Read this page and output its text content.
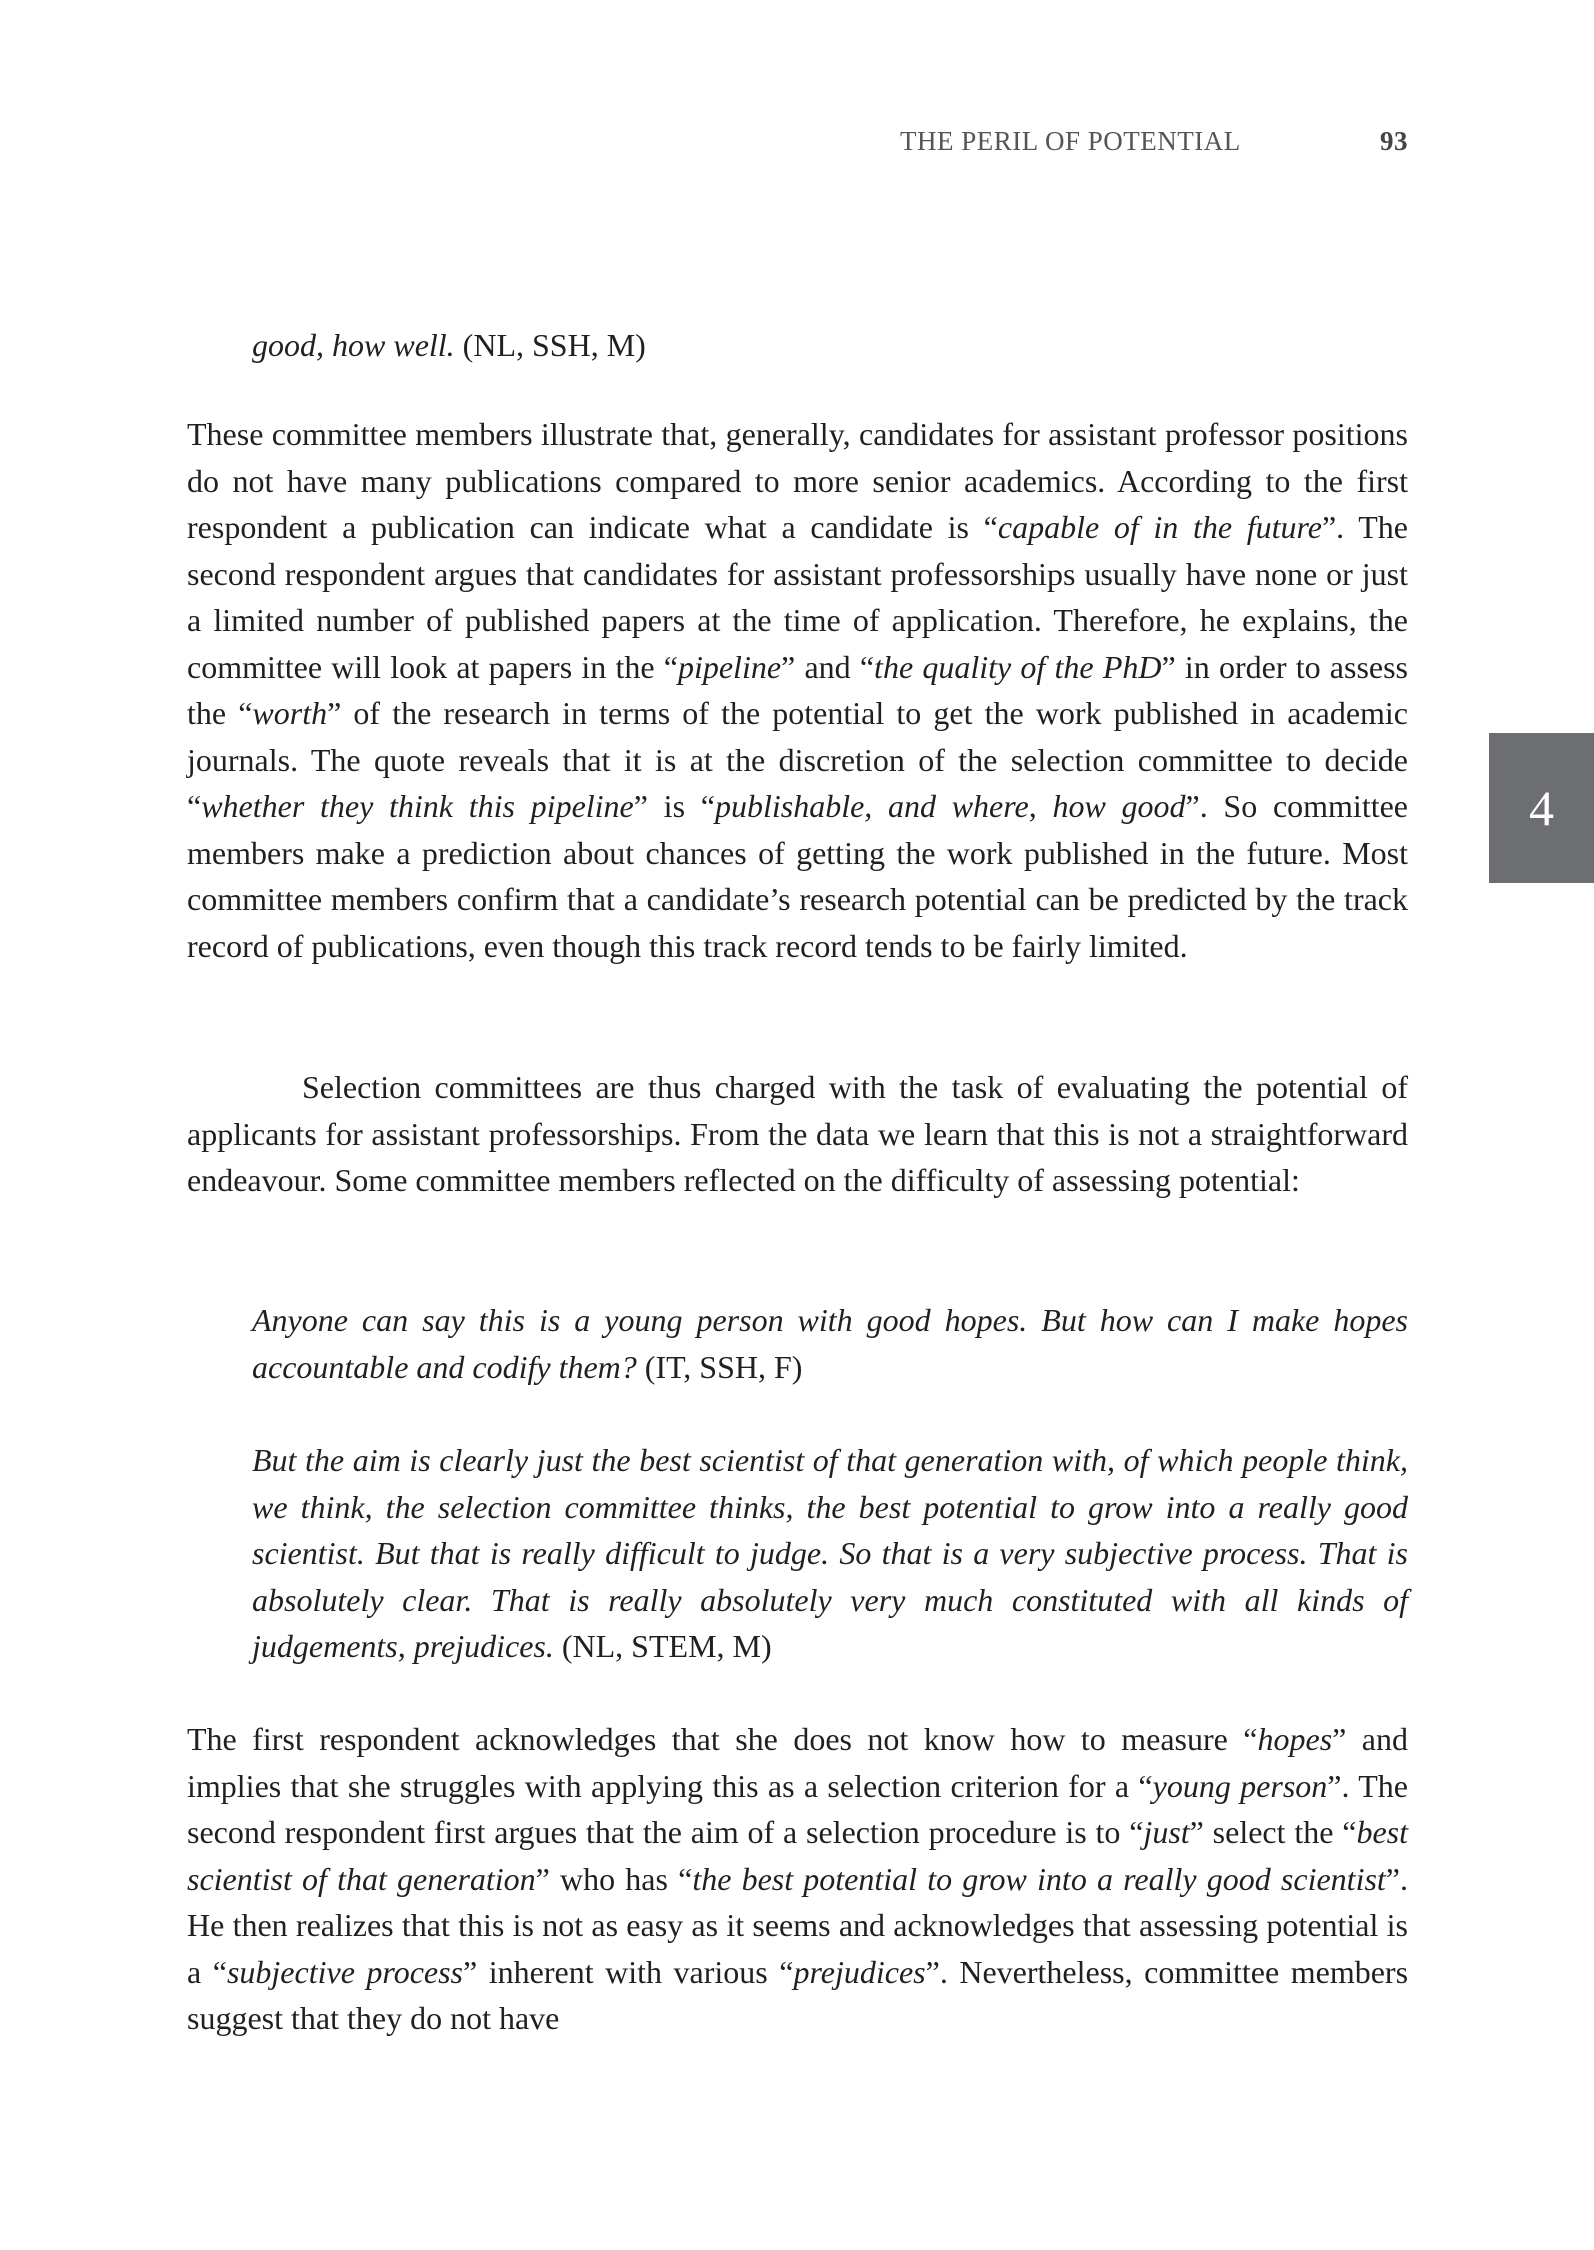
THE PERIL OF POTENTIAL	93
4

good, how well. (NL, SSH, M)

These committee members illustrate that, generally, candidates for assistant professor positions do not have many publications compared to more senior academics. According to the first respondent a publication can indicate what a candidate is “capable of in the future”. The second respondent argues that candidates for assistant professorships usually have none or just a limited number of published papers at the time of application. Therefore, he explains, the committee will look at papers in the “pipeline” and “the quality of the PhD” in order to assess the “worth” of the research in terms of the potential to get the work published in academic journals. The quote reveals that it is at the discretion of the selection committee to decide “whether they think this pipeline” is “publishable, and where, how good”. So committee members make a prediction about chances of getting the work published in the future. Most committee members confirm that a candidate’s research potential can be predicted by the track record of publications, even though this track record tends to be fairly limited.

Selection committees are thus charged with the task of evaluating the potential of applicants for assistant professorships. From the data we learn that this is not a straightforward endeavour. Some committee members reflected on the difficulty of assessing potential:

Anyone can say this is a young person with good hopes. But how can I make hopes accountable and codify them? (IT, SSH, F)

But the aim is clearly just the best scientist of that generation with, of which people think, we think, the selection committee thinks, the best potential to grow into a really good scientist. But that is really difficult to judge. So that is a very subjective process. That is absolutely clear. That is really absolutely very much constituted with all kinds of judgements, prejudices. (NL, STEM, M)

The first respondent acknowledges that she does not know how to measure “hopes” and implies that she struggles with applying this as a selection criterion for a “young person”. The second respondent first argues that the aim of a selection procedure is to “just” select the “best scientist of that generation” who has “the best potential to grow into a really good scientist”. He then realizes that this is not as easy as it seems and acknowledges that assessing potential is a “subjective process” inherent with various “prejudices”. Nevertheless, committee members suggest that they do not have
